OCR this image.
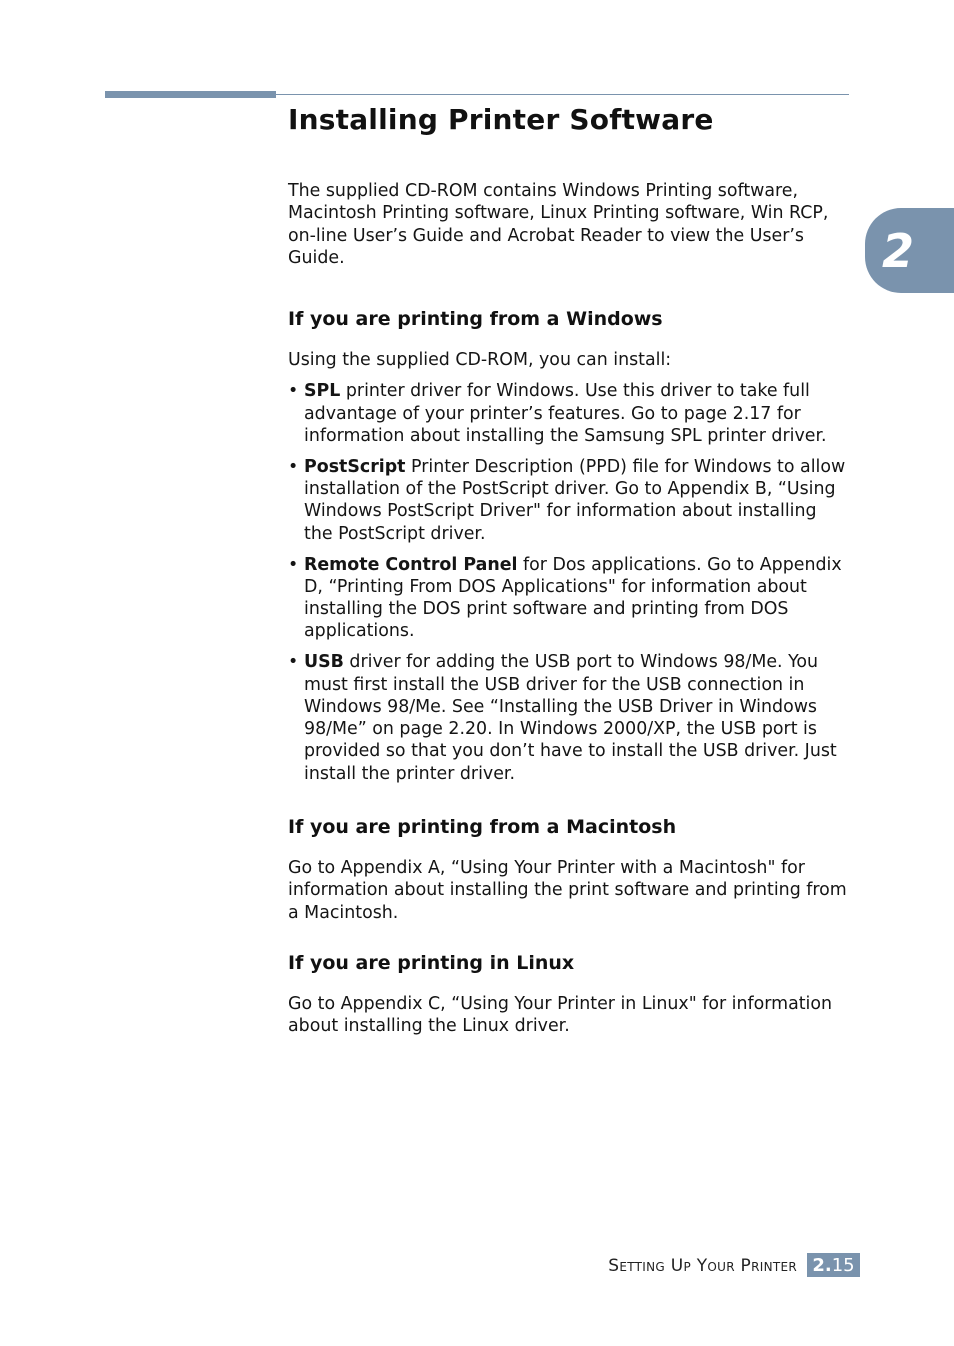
2
Installing Printer Software

The supplied CD-ROM contains Windows Printing software, Macintosh Printing software, Linux Printing software, Win RCP, on-line User’s Guide and Acrobat Reader to view the User’s Guide.

If you are printing from a Windows

Using the supplied CD-ROM, you can install:

• SPL printer driver for Windows. Use this driver to take full advantage of your printer’s features. Go to page 2.17 for information about installing the Samsung SPL printer driver.
• PostScript Printer Description (PPD) file for Windows to allow installation of the PostScript driver. Go to Appendix B, “Using Windows PostScript Driver" for information about installing the PostScript driver.
• Remote Control Panel for Dos applications. Go to Appendix D, “Printing From DOS Applications" for information about installing the DOS print software and printing from DOS applications.
• USB driver for adding the USB port to Windows 98/Me. You must first install the USB driver for the USB connection in Windows 98/Me. See “Installing the USB Driver in Windows 98/Me” on page 2.20. In Windows 2000/XP, the USB port is provided so that you don’t have to install the USB driver. Just install the printer driver.
If you are printing from a Macintosh

Go to Appendix A, “Using Your Printer with a Macintosh" for information about installing the print software and printing from a Macintosh.

If you are printing in Linux

Go to Appendix C, “Using Your Printer in Linux" for information about installing the Linux driver.

Setting Up Your Printer 2. 15
